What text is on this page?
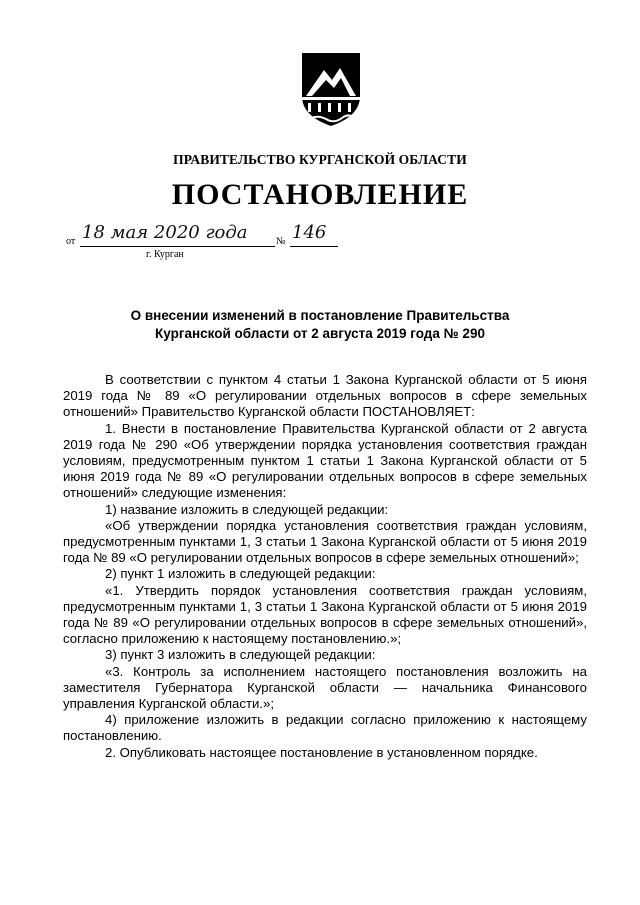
ПРАВИТЕЛЬСТВО КУРГАНСКОЙ ОБЛАСТИ
ПОСТАНОВЛЕНИЕ
от 18 мая 2020 года	№ 146
г. Курган
О внесении изменений в постановление Правительства
Курганской области от 2 августа 2019 года № 290

В соответствии с пунктом 4 статьи 1 Закона Курганской области от 5 июня 2019 года № 89 «О регулировании отдельных вопросов в сфере земельных отношений» Правительство Курганской области ПОСТАНОВЛЯЕТ:

1. Внести в постановление Правительства Курганской области от 2 августа 2019 года № 290 «Об утверждении порядка установления соответствия граждан условиям, предусмотренным пунктом 1 статьи 1 Закона Курганской области от 5 июня 2019 года № 89 «О регулировании отдельных вопросов в сфере земельных отношений» следующие изменения:

1) название изложить в следующей редакции:

«Об утверждении порядка установления соответствия граждан условиям, предусмотренным пунктами 1, 3 статьи 1 Закона Курганской области от 5 июня 2019 года № 89 «О регулировании отдельных вопросов в сфере земельных отношений»;

2) пункт 1 изложить в следующей редакции:

«1. Утвердить порядок установления соответствия граждан условиям, предусмотренным пунктами 1, 3 статьи 1 Закона Курганской области от 5 июня 2019 года № 89 «О регулировании отдельных вопросов в сфере земельных отношений», согласно приложению к настоящему постановлению.»;

3) пункт 3 изложить в следующей редакции:

«3. Контроль за исполнением настоящего постановления возложить на заместителя Губернатора Курганской области — начальника Финансового управления Курганской области.»;

4) приложение изложить в редакции согласно приложению к настоящему постановлению.

2. Опубликовать настоящее постановление в установленном порядке.
